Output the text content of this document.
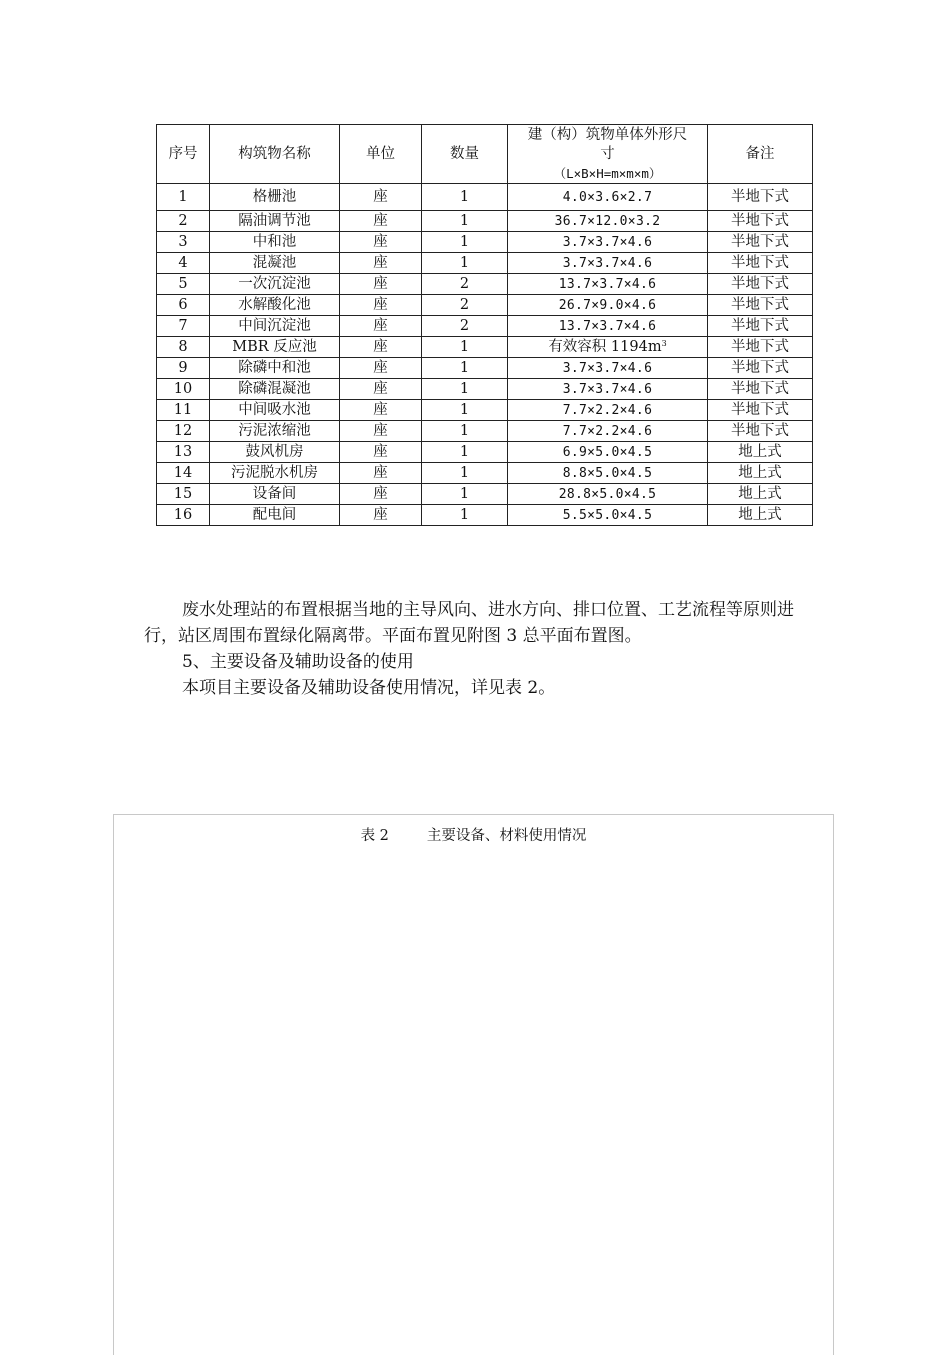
序号	构筑物名称	单位	数量	建（构）筑物单体外形尺
寸
（L×B×H=m×m×m）	备注
1	格栅池	座	1	4.0×3.6×2.7	半地下式
2	隔油调节池	座	1	36.7×12.0×3.2	半地下式
3	中和池	座	1	3.7×3.7×4.6	半地下式
4	混凝池	座	1	3.7×3.7×4.6	半地下式
5	一次沉淀池	座	2	13.7×3.7×4.6	半地下式
6	水解酸化池	座	2	26.7×9.0×4.6	半地下式
7	中间沉淀池	座	2	13.7×3.7×4.6	半地下式
8	MBR 反应池	座	1	有效容积 $1194m^3$	半地下式
9	除磷中和池	座	1	3.7×3.7×4.6	半地下式
10	除磷混凝池	座	1	3.7×3.7×4.6	半地下式
11	中间吸水池	座	1	7.7×2.2×4.6	半地下式
12	污泥浓缩池	座	1	7.7×2.2×4.6	半地下式
13	鼓风机房	座	1	6.9×5.0×4.5	地上式
14	污泥脱水机房	座	1	8.8×5.0×4.5	地上式
15	设备间	座	1	28.8×5.0×4.5	地上式
16	配电间	座	1	5.5×5.0×4.5	地上式
废水处理站的布置根据当地的主导风向、进水方向、排口位置、工艺流程等原则进行，站区周围布置绿化隔离带。平面布置见附图 3 总平面布置图。
5、主要设备及辅助设备的使用
本项目主要设备及辅助设备使用情况，详见表 2。
表 2	主要设备、材料使用情况
